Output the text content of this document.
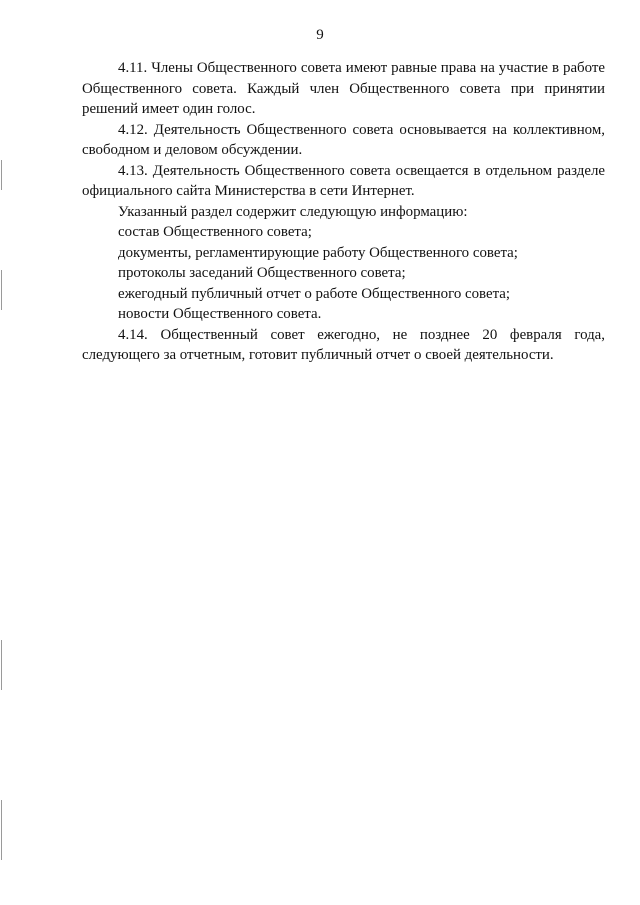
9

4.11. Члены Общественного совета имеют равные права на участие в работе Общественного совета. Каждый член Общественного совета при принятии решений имеет один голос.

4.12. Деятельность Общественного совета основывается на коллективном, свободном и деловом обсуждении.

4.13. Деятельность Общественного совета освещается в отдельном разделе официального сайта Министерства в сети Интернет.

Указанный раздел содержит следующую информацию:

состав Общественного совета;

документы, регламентирующие работу Общественного совета;

протоколы заседаний Общественного совета;

ежегодный публичный отчет о работе Общественного совета;

новости Общественного совета.

4.14. Общественный совет ежегодно, не позднее 20 февраля года, следующего за отчетным, готовит публичный отчет о своей деятельности.
